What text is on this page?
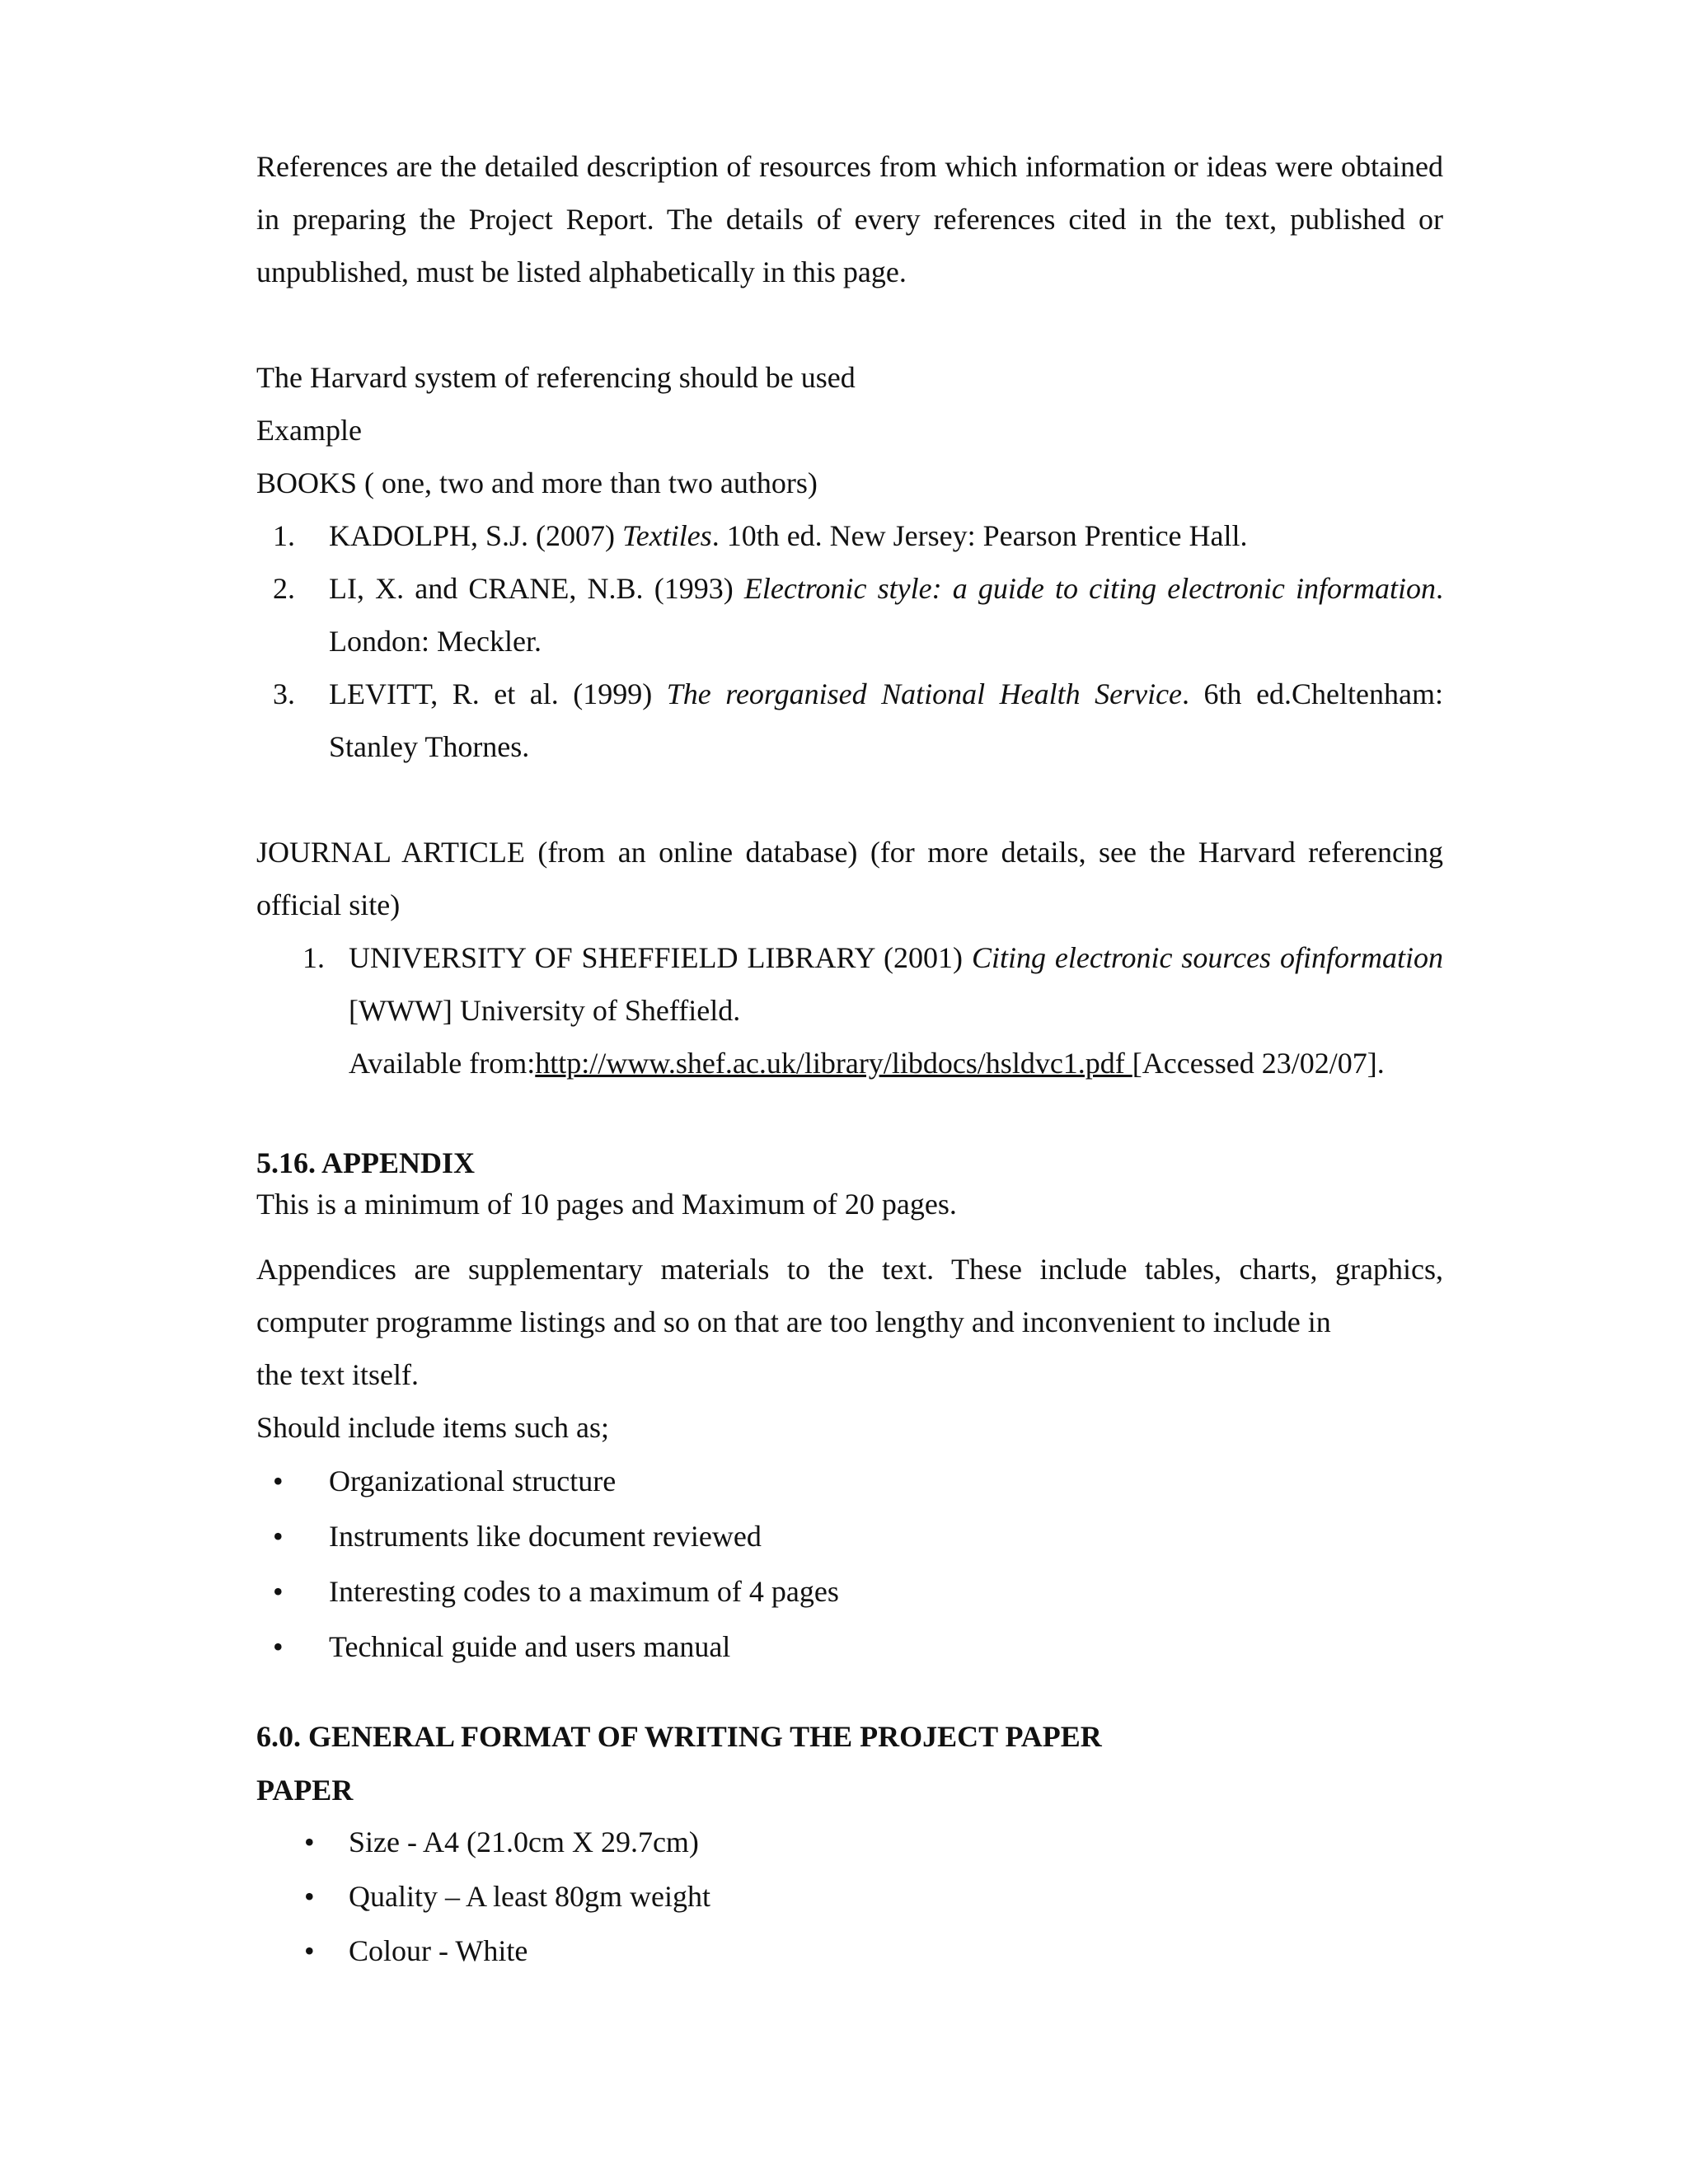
References are the detailed description of resources from which information or ideas were obtained in preparing the Project Report. The details of every references cited in the text, published or unpublished, must be listed alphabetically in this page.

The Harvard system of referencing should be used

Example

BOOKS ( one, two and more than two authors)

1. KADOLPH, S.J. (2007) Textiles. 10th ed. New Jersey: Pearson Prentice Hall.
2. LI, X. and CRANE, N.B. (1993) Electronic style: a guide to citing electronic information. London: Meckler.
3. LEVITT, R. et al. (1999) The reorganised National Health Service. 6th ed.Cheltenham: Stanley Thornes.

JOURNAL ARTICLE (from an online database) (for more details, see the Harvard referencing official site)

1. UNIVERSITY OF SHEFFIELD LIBRARY (2001) Citing electronic sources ofinformation [WWW] University of Sheffield.
Available from:http://www.shef.ac.uk/library/libdocs/hsldvc1.pdf [Accessed 23/02/07].

5.16. APPENDIX

This is a minimum of 10 pages and Maximum of 20 pages.

Appendices are supplementary materials to the text. These include tables, charts, graphics, computer programme listings and so on that are too lengthy and inconvenient to include in

the text itself.

Should include items such as;

• Organizational structure
• Instruments like document reviewed
• Interesting codes to a maximum of 4 pages
• Technical guide and users manual

6.0. GENERAL FORMAT OF WRITING THE PROJECT PAPER

PAPER

• Size - A4 (21.0cm X 29.7cm)
• Quality – A least 80gm weight
• Colour - White
